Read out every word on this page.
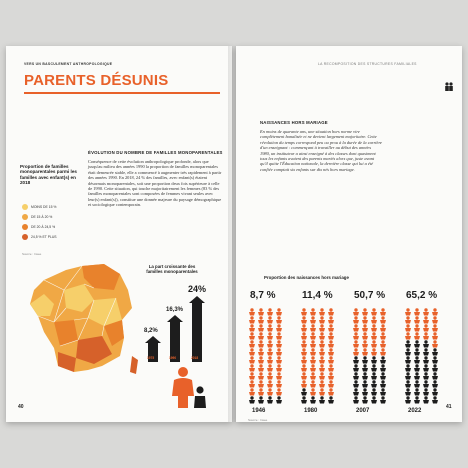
VERS UN BASCULEMENT ANTHROPOLOGIQUE
PARENTS DÉSUNIS
ÉVOLUTION DU NOMBRE DE FAMILLES MONOPARENTALES
Conséquence de cette évolution anthropologique profonde, alors que jusqu'au milieu des années 1990 la proportion de familles monoparentales était demeurée stable, elle a commencé à augmenter très rapidement à partir des années 1990. En 2018, 24 % des familles, avec enfant(s) étaient désormais monoparentales, soit une proportion deux fois supérieure à celle de 1990. Cette situation, qui touche majoritairement les femmes (83 % des familles monoparentales sont composées de femmes vivant seules avec leur(s) enfant(s)), constitue une donnée majeure du paysage démographique et sociologique contemporain.
Proportion de familles monoparentales parmi les familles avec enfant(s) en 2018
MOINS DE 15 %
DE 15 À 20 %
DE 20 À 24,5 %
24,5 % ET PLUS
Source : Insee
La part croissante des familles monoparentales
8,2%
1975
16,3%
1990
24%
2018
40
LA RECOMPOSITION DES STRUCTURES FAMILIALES
NAISSANCES HORS MARIAGE
En moins de quarante ans, une situation hors norme vire complètement banalisée et ne devient largement majoritaire. Cette révolution du temps correspond peu ou prou à la durée de la carrière d'un enseignant : commençant à travailler au début des années 1980, un instituteur a ainsi enseigné à des classes dont quasiment tous les enfants avaient des parents mariés alors que, juste avant qu'il quitte l'Éducation nationale, la dernière classe qui lui a été confiée comptait six enfants sur dix nés hors mariage.
Proportion des naissances hors mariage
8,7 %
1946
11,4 %
1980
50,7 %
2007
65,2 %
2022
Source : Insee
41
